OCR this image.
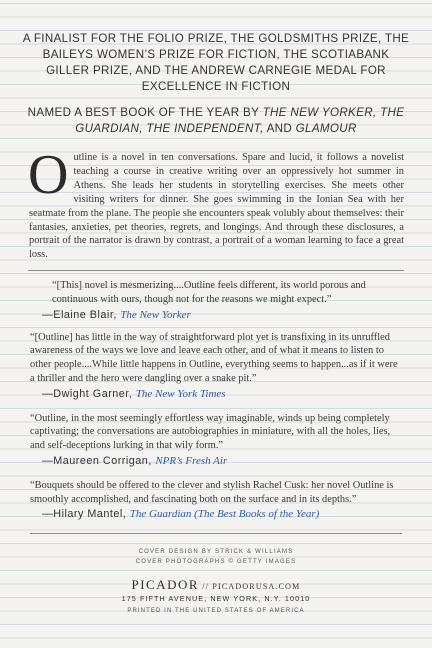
A FINALIST FOR THE FOLIO PRIZE, THE GOLDSMITHS PRIZE, THE BAILEYS WOMEN’S PRIZE FOR FICTION, THE SCOTIABANK GILLER PRIZE, AND THE ANDREW CARNEGIE MEDAL FOR EXCELLENCE IN FICTION

NAMED A BEST BOOK OF THE YEAR BY THE NEW YORKER, THE GUARDIAN, THE INDEPENDENT, AND GLAMOUR

Outline is a novel in ten conversations. Spare and lucid, it follows a novelist teaching a course in creative writing over an oppressively hot summer in Athens. She leads her students in storytelling exercises. She meets other visiting writers for dinner. She goes swimming in the Ionian Sea with her seatmate from the plane. The people she encounters speak volubly about themselves: their fantasies, anxieties, pet theories, regrets, and longings. And through these disclosures, a portrait of the narrator is drawn by contrast, a portrait of a woman learning to face a great loss.

“[This] novel is mesmerizing....Outline feels different, its world porous and continuous with ours, though not for the reasons we might expect.”

—Elaine Blair, The New Yorker

“[Outline] has little in the way of straightforward plot yet is transfixing in its unruffled awareness of the ways we love and leave each other, and of what it means to listen to other people....While little happens in Outline, everything seems to happen...as if it were a thriller and the hero were dangling over a snake pit.”

—Dwight Garner, The New York Times

“Outline, in the most seemingly effortless way imaginable, winds up being completely captivating; the conversations are autobiographies in miniature, with all the holes, lies, and self-deceptions lurking in that wily form.”

—Maureen Corrigan, NPR’s Fresh Air

“Bouquets should be offered to the clever and stylish Rachel Cusk: her novel Outline is smoothly accomplished, and fascinating both on the surface and in its depths.”

—Hilary Mantel, The Guardian (The Best Books of the Year)
COVER DESIGN BY STRICK & WILLIAMS
COVER PHOTOGRAPHS © GETTY IMAGES
PICADOR // PICADORUSA.COM
175 FIFTH AVENUE, NEW YORK, N.Y. 10010
PRINTED IN THE UNITED STATES OF AMERICA
